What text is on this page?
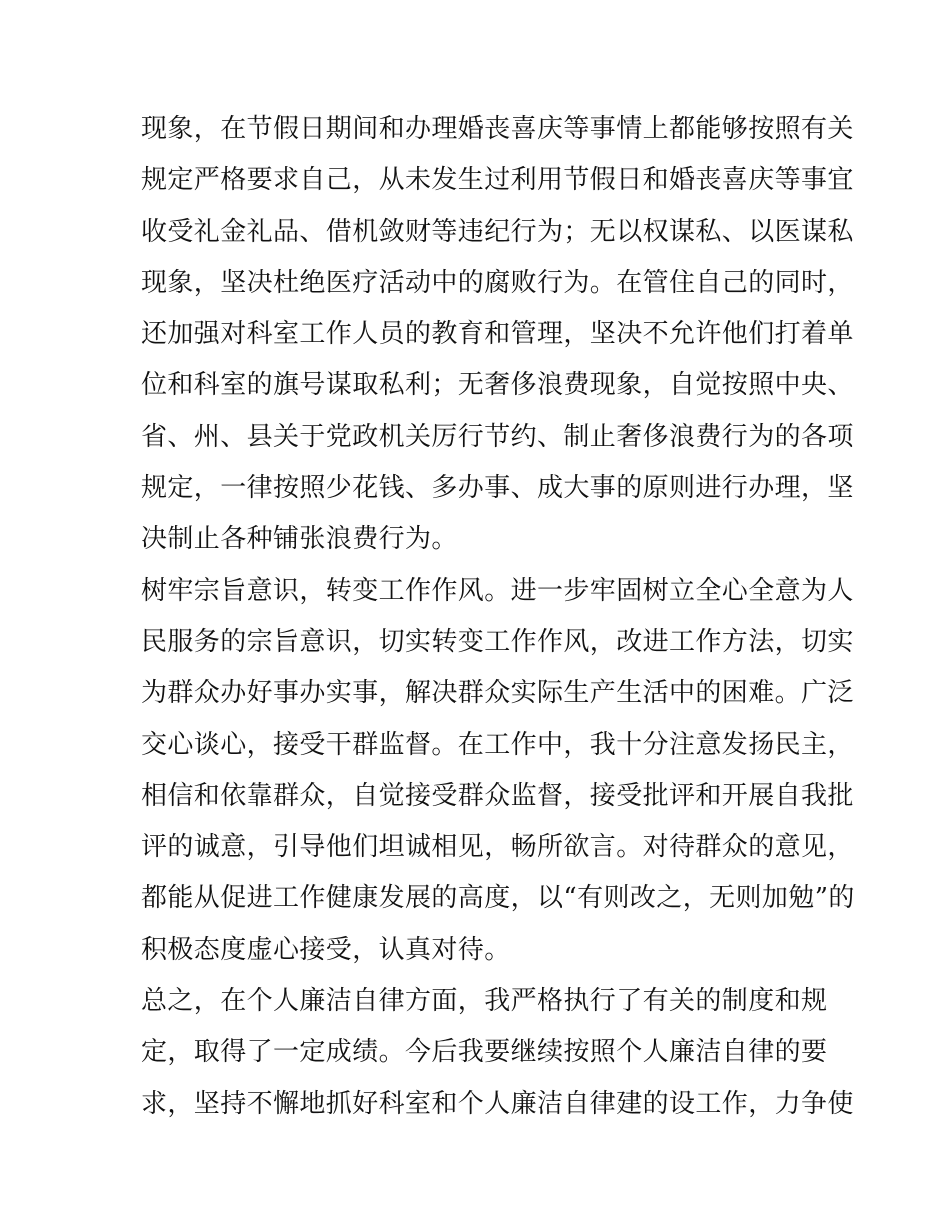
现象，在节假日期间和办理婚丧喜庆等事情上都能够按照有关
规定严格要求自己，从未发生过利用节假日和婚丧喜庆等事宜
收受礼金礼品、借机敛财等违纪行为；无以权谋私、以医谋私
现象，坚决杜绝医疗活动中的腐败行为。在管住自己的同时，
还加强对科室工作人员的教育和管理，坚决不允许他们打着单
位和科室的旗号谋取私利；无奢侈浪费现象，自觉按照中央、
省、州、县关于党政机关厉行节约、制止奢侈浪费行为的各项
规定，一律按照少花钱、多办事、成大事的原则进行办理，坚
决制止各种铺张浪费行为。
树牢宗旨意识，转变工作作风。进一步牢固树立全心全意为人
民服务的宗旨意识，切实转变工作作风，改进工作方法，切实
为群众办好事办实事，解决群众实际生产生活中的困难。广泛
交心谈心，接受干群监督。在工作中，我十分注意发扬民主，
相信和依靠群众，自觉接受群众监督，接受批评和开展自我批
评的诚意，引导他们坦诚相见，畅所欲言。对待群众的意见，
都能从促进工作健康发展的高度，以“有则改之，无则加勉”的
积极态度虚心接受，认真对待。
总之，在个人廉洁自律方面，我严格执行了有关的制度和规
定，取得了一定成绩。今后我要继续按照个人廉洁自律的要
求，坚持不懈地抓好科室和个人廉洁自律建的设工作，力争使
